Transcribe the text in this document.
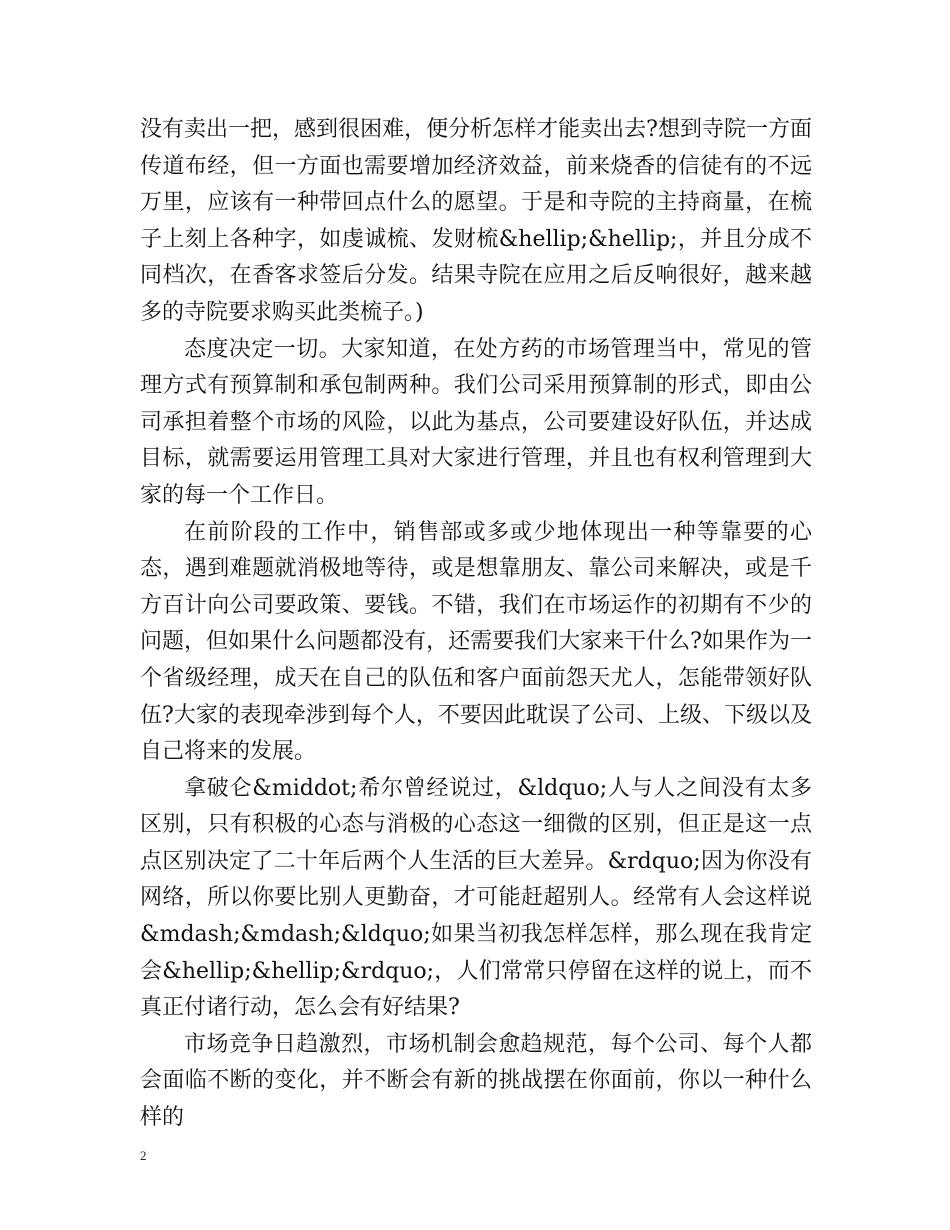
没有卖出一把，感到很困难，便分析怎样才能卖出去?想到寺院一方面传道布经，但一方面也需要增加经济效益，前来烧香的信徒有的不远万里，应该有一种带回点什么的愿望。于是和寺院的主持商量，在梳子上刻上各种字，如虔诚梳、发财梳&hellip;&hellip;，并且分成不同档次，在香客求签后分发。结果寺院在应用之后反响很好，越来越多的寺院要求购买此类梳子。)

态度决定一切。大家知道，在处方药的市场管理当中，常见的管理方式有预算制和承包制两种。我们公司采用预算制的形式，即由公司承担着整个市场的风险，以此为基点，公司要建设好队伍，并达成目标，就需要运用管理工具对大家进行管理，并且也有权利管理到大家的每一个工作日。

在前阶段的工作中，销售部或多或少地体现出一种等靠要的心态，遇到难题就消极地等待，或是想靠朋友、靠公司来解决，或是千方百计向公司要政策、要钱。不错，我们在市场运作的初期有不少的问题，但如果什么问题都没有，还需要我们大家来干什么?如果作为一个省级经理，成天在自己的队伍和客户面前怨天尤人，怎能带领好队伍?大家的表现牵涉到每个人，不要因此耽误了公司、上级、下级以及自己将来的发展。

拿破仑&middot;希尔曾经说过，&ldquo;人与人之间没有太多区别，只有积极的心态与消极的心态这一细微的区别，但正是这一点点区别决定了二十年后两个人生活的巨大差异。&rdquo;因为你没有网络，所以你要比别人更勤奋，才可能赶超别人。经常有人会这样说&mdash;&mdash;&ldquo;如果当初我怎样怎样，那么现在我肯定会&hellip;&hellip;&rdquo;，人们常常只停留在这样的说上，而不真正付诸行动，怎么会有好结果?

市场竞争日趋激烈，市场机制会愈趋规范，每个公司、每个人都会面临不断的变化，并不断会有新的挑战摆在你面前，你以一种什么样的

2
